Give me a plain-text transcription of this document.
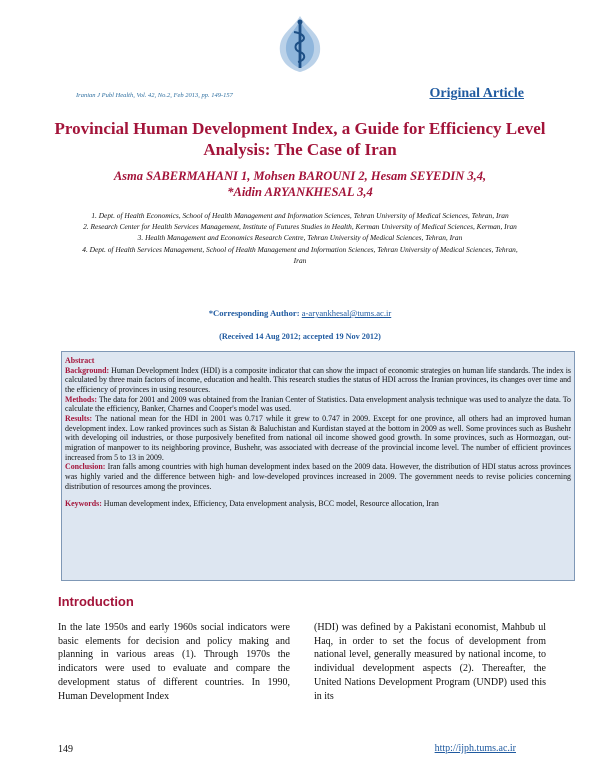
Iranian J Publ Health, Vol. 42, No.2, Feb 2013, pp. 149-157	Original Article
Provincial Human Development Index, a Guide for Efficiency Level Analysis: The Case of Iran
Asma SABERMAHANI 1, Mohsen BAROUNI 2, Hesam SEYEDIN 3,4,
*Aidin ARYANKHESAL 3,4
1. Dept. of Health Economics, School of Health Management and Information Sciences, Tehran University of Medical Sciences, Tehran, Iran
2. Research Center for Health Services Management, Institute of Futures Studies in Health, Kerman University of Medical Sciences, Kerman, Iran
3. Health Management and Economics Research Centre, Tehran University of Medical Sciences, Tehran, Iran
4. Dept. of Health Services Management, School of Health Management and Information Sciences, Tehran University of Medical Sciences, Tehran, Iran
*Corresponding Author: a-aryankhesal@tums.ac.ir
(Received 14 Aug 2012; accepted 19 Nov 2012)

Abstract

Background: Human Development Index (HDI) is a composite indicator that can show the impact of economic strategies on human life standards. The index is calculated by three main factors of income, education and health. This research studies the status of HDI across the Iranian provinces, its changes over time and the efficiency of provinces in using resources.

Methods: The data for 2001 and 2009 was obtained from the Iranian Center of Statistics. Data envelopment analysis technique was used to analyze the data. To calculate the efficiency, Banker, Charnes and Cooper's model was used.

Results: The national mean for the HDI in 2001 was 0.717 while it grew to 0.747 in 2009. Except for one province, all others had an improved human development index. Low ranked provinces such as Sistan & Baluchistan and Kurdistan stayed at the bottom in 2009 as well. Some provinces such as Bushehr with developing oil industries, or those purposively benefited from national oil income showed good growth. In some provinces, such as Hormozgan, out-migration of manpower to its neighboring province, Bushehr, was associated with decrease of the provincial income level. The number of efficient provinces increased from 5 to 13 in 2009.

Conclusion: Iran falls among countries with high human development index based on the 2009 data. However, the distribution of HDI status across provinces was highly varied and the difference between high- and low-developed provinces increased in 2009. The government needs to revise policies concerning distribution of resources among the provinces.

Keywords: Human development index, Efficiency, Data envelopment analysis, BCC model, Resource allocation, Iran

Introduction
In the late 1950s and early 1960s social indicators were basic elements for decision and policy making and planning in various areas (1). Through 1970s the indicators were used to evaluate and compare the development status of different countries. In 1990, Human Development Index
(HDI) was defined by a Pakistani economist, Mahbub ul Haq, in order to set the focus of development from national level, generally measured by national income, to individual development aspects (2). Thereafter, the United Nations Development Program (UNDP) used this in its
149	http://ijph.tums.ac.ir
